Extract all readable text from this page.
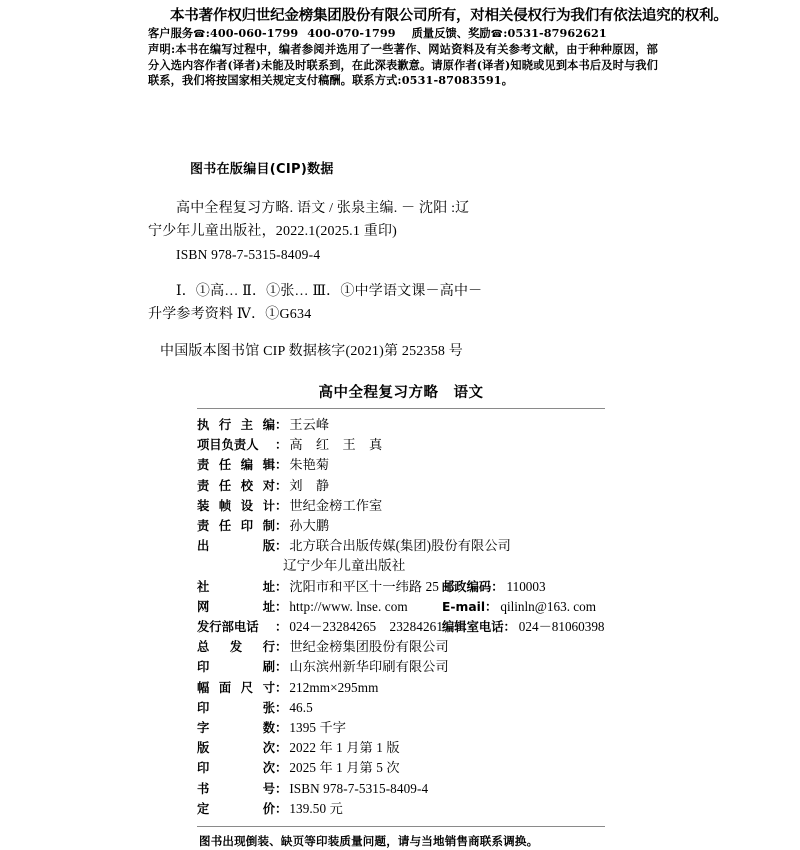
本书著作权归世纪金榜集团股份有限公司所有，对相关侵权行为我们有依法追究的权利。
客户服务☎:400-060-1799 400-070-1799 质量反馈、奖励☎:0531-87962621
声明:本书在编写过程中，编者参阅并选用了一些著作、网站资料及有关参考文献，由于种种原因，部分入选内容作者(译者)未能及时联系到，在此深表歉意。请原作者(译者)知晓或见到本书后及时与我们联系，我们将按国家相关规定支付稿酬。联系方式:0531-87083591。
图书在版编目(CIP)数据
高中全程复习方略. 语文 / 张泉主编. － 沈阳 :辽
宁少年儿童出版社，2022.1(2025.1 重印)
ISBN 978-7-5315-8409-4
Ⅰ．①高… Ⅱ．①张… Ⅲ．①中学语文课－高中－
升学参考资料 Ⅳ．①G634
中国版本图书馆 CIP 数据核字(2021)第 252358 号
高中全程复习方略　语文
执行主编 ： 王云峰
项目负责人	： 高　红　王　真
责任编辑 ： 朱艳菊
责任校对 ： 刘　静
装帧设计 ： 世纪金榜工作室
责任印制 ： 孙大鹏
出版 ： 北方联合出版传媒(集团)股份有限公司
辽宁少年儿童出版社
社址 ： 沈阳市和平区十一纬路 25 号
邮政编码： 110003
网址 ： http://www. lnse. com	E-mail： qilinln@163. com
发行部电话	： 024－23284265　23284261
编辑室电话： 024－81060398
总发行 ： 世纪金榜集团股份有限公司
印刷 ： 山东滨州新华印刷有限公司
幅面尺寸 ： 212mm×295mm
印张 ： 46.5
字数 ： 1395 千字
版次 ： 2022 年 1 月第 1 版
印次 ： 2025 年 1 月第 5 次
书号 ： ISBN 978-7-5315-8409-4
定价 ： 139.50 元
图书出现倒装、缺页等印装质量问题，请与当地销售商联系调换。
